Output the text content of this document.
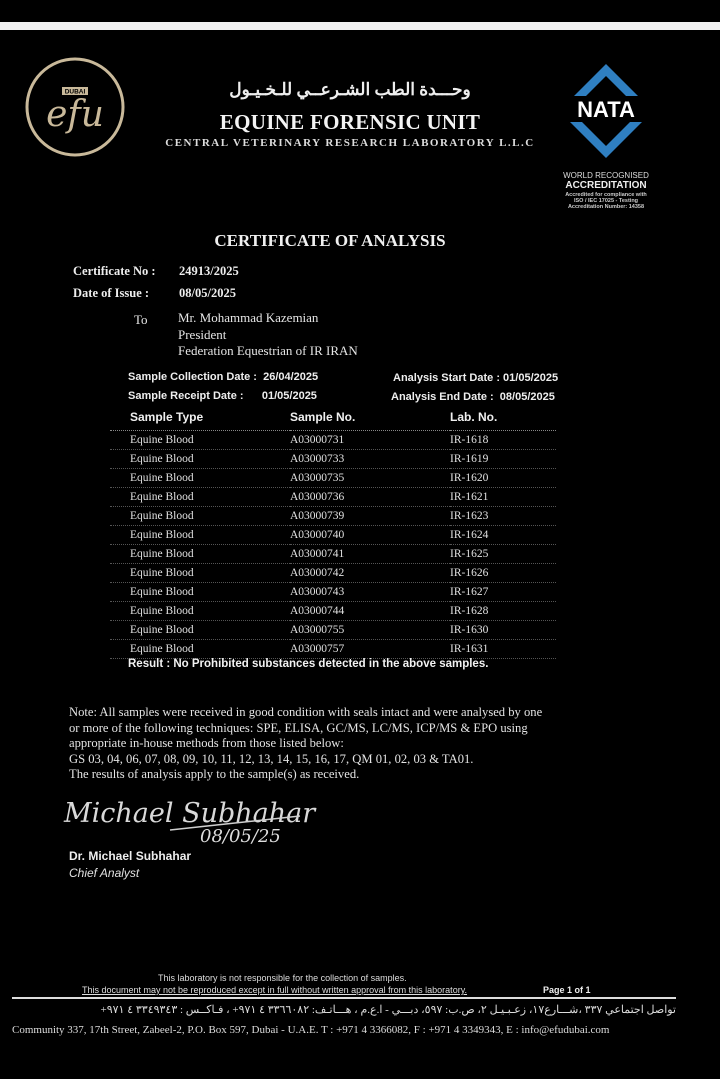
DUBAI
efu
وحـــدة الطب الشـرعــي للـخـيـول
EQUINE FORENSIC UNIT
CENTRAL VETERINARY RESEARCH LABORATORY L.L.C
NATA
WORLD RECOGNISED
ACCREDITATION
Accredited for compliance with
ISO / IEC 17025 - Testing
Accreditation Number: 14358
CERTIFICATE OF ANALYSIS
Certificate No : 24913/2025
Date of Issue : 08/05/2025
To Mr. Mohammad Kazemian
President
Federation Equestrian of IR IRAN
Sample Collection Date :  26/04/2025
Sample Receipt Date :      01/05/2025
Analysis Start Date : 01/05/2025
Analysis End Date :  08/05/2025
Sample Type	Sample No.	Lab. No.
Equine Blood	A03000731	IR-1618
Equine Blood	A03000733	IR-1619
Equine Blood	A03000735	IR-1620
Equine Blood	A03000736	IR-1621
Equine Blood	A03000739	IR-1623
Equine Blood	A03000740	IR-1624
Equine Blood	A03000741	IR-1625
Equine Blood	A03000742	IR-1626
Equine Blood	A03000743	IR-1627
Equine Blood	A03000744	IR-1628
Equine Blood	A03000755	IR-1630
Equine Blood	A03000757	IR-1631
Result : No Prohibited substances detected in the above samples.
Note: All samples were received in good condition with seals intact and were analysed by one
or more of the following techniques: SPE, ELISA, GC/MS, LC/MS, ICP/MS & EPO using
appropriate in-house methods from those listed below:
GS 03, 04, 06, 07, 08, 09, 10, 11, 12, 13, 14, 15, 16, 17, QM 01, 02, 03 & TA01.
The results of analysis apply to the sample(s) as received.
Michael Subhahar
08/05/25
Dr. Michael Subhahar
Chief Analyst
This laboratory is not responsible for the collection of samples.
This document may not be reproduced except in full without written approval from this laboratory.	Page 1 of 1
تواصل اجتماعي ٣٣٧ ،شـــارع١٧، زعـبـيـل ٢، ص.ب: ٥٩٧، دبـــي - ا.ع.م ، هـــاتـف: ٣٣٦٦٠٨٢ ٤ ٩٧١+ ، فـاكــس : ٣٣٤٩٣٤٣ ٤ ٩٧١+
Community 337, 17th Street, Zabeel-2, P.O. Box 597, Dubai - U.A.E. T : +971 4 3366082, F : +971 4 3349343, E : info@efudubai.com
